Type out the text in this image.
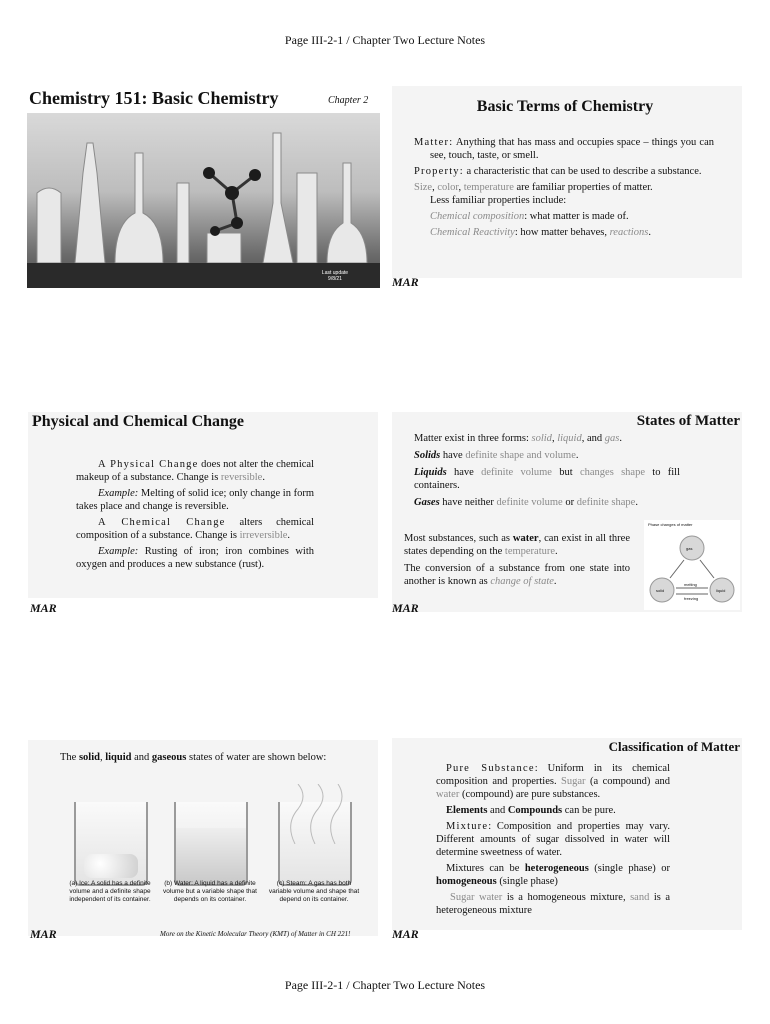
Page III-2-1 / Chapter Two Lecture Notes
Chemistry 151: Basic Chemistry	Chapter 2
Last update 9/8/21
Basic Terms of Chemistry

Matter: Anything that has mass and occupies space – things you can see, touch, taste, or smell.

Property: a characteristic that can be used to describe a substance.

Size, color, temperature are familiar properties of matter.
Less familiar properties include:

Chemical composition: what matter is made of.

Chemical Reactivity: how matter behaves, reactions.

MAR
Physical and Chemical Change

A Physical Change does not alter the chemical makeup of a substance. Change is reversible.

Example: Melting of solid ice; only change in form takes place and change is reversible.

A Chemical Change alters chemical composition of a substance. Change is irreversible.

Example: Rusting of iron; iron combines with oxygen and produces a new substance (rust).

MAR
States of Matter

Matter exist in three forms: solid, liquid, and gas.

Solids have definite shape and volume.

Liquids have definite volume but changes shape to fill containers.

Gases have neither definite volume or definite shape.

Most substances, such as water, can exist in all three states depending on the temperature.

The conversion of a substance from one state into another is known as change of state.

Phase changes of matter
gas
solid	liquid
melting
freezing
MAR
The solid, liquid and gaseous states of water are shown below:
(a) Ice: A solid has a definite volume and a definite shape independent of its container.
(b) Water: A liquid has a definite volume but a variable shape that depends on its container.
(c) Steam: A gas has both variable volume and shape that depend on its container.
MAR	More on the Kinetic Molecular Theory (KMT) of Matter in CH 221!
Classification of Matter

Pure Substance: Uniform in its chemical composition and properties. Sugar (a compound) and water (compound) are pure substances.

Elements and Compounds can be pure.

Mixture: Composition and properties may vary. Different amounts of sugar dissolved in water will determine sweetness of water.

Mixtures can be heterogeneous (single phase) or homogeneous (single phase)

Sugar water is a homogeneous mixture, sand is a heterogeneous mixture

MAR
Page III-2-1 / Chapter Two Lecture Notes
